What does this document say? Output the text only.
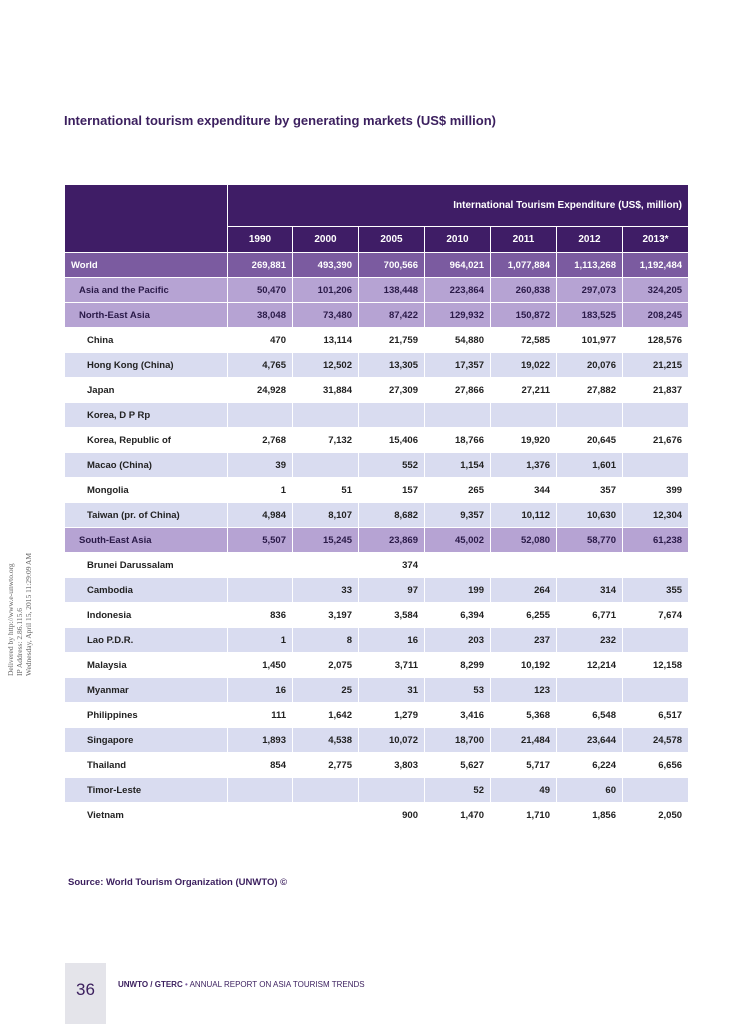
International tourism expenditure by generating markets (US$ million)
	International Tourism Expenditure (US$, million)						
	1990	2000	2005	2010	2011	2012	2013*
World	269,881	493,390	700,566	964,021	1,077,884	1,113,268	1,192,484
Asia and the Pacific	50,470	101,206	138,448	223,864	260,838	297,073	324,205
North-East Asia	38,048	73,480	87,422	129,932	150,872	183,525	208,245
China	470	13,114	21,759	54,880	72,585	101,977	128,576
Hong Kong (China)	4,765	12,502	13,305	17,357	19,022	20,076	21,215
Japan	24,928	31,884	27,309	27,866	27,211	27,882	21,837
Korea, D P Rp							
Korea, Republic of	2,768	7,132	15,406	18,766	19,920	20,645	21,676
Macao (China)	39		552	1,154	1,376	1,601	
Mongolia	1	51	157	265	344	357	399
Taiwan (pr. of China)	4,984	8,107	8,682	9,357	10,112	10,630	12,304
South-East Asia	5,507	15,245	23,869	45,002	52,080	58,770	61,238
Brunei Darussalam			374				
Cambodia		33	97	199	264	314	355
Indonesia	836	3,197	3,584	6,394	6,255	6,771	7,674
Lao P.D.R.	1	8	16	203	237	232	
Malaysia	1,450	2,075	3,711	8,299	10,192	12,214	12,158
Myanmar	16	25	31	53	123		
Philippines	111	1,642	1,279	3,416	5,368	6,548	6,517
Singapore	1,893	4,538	10,072	18,700	21,484	23,644	24,578
Thailand	854	2,775	3,803	5,627	5,717	6,224	6,656
Timor-Leste				52	49	60	
Vietnam			900	1,470	1,710	1,856	2,050
Source: World Tourism Organization (UNWTO) ©
Delivered by http://www.e-unwto.org IP Address: 2.86.115.6 Wednesday, April 15, 2015 11:29:09 AM
36	UNWTO / GTERC • ANNUAL REPORT ON ASIA TOURISM TRENDS
